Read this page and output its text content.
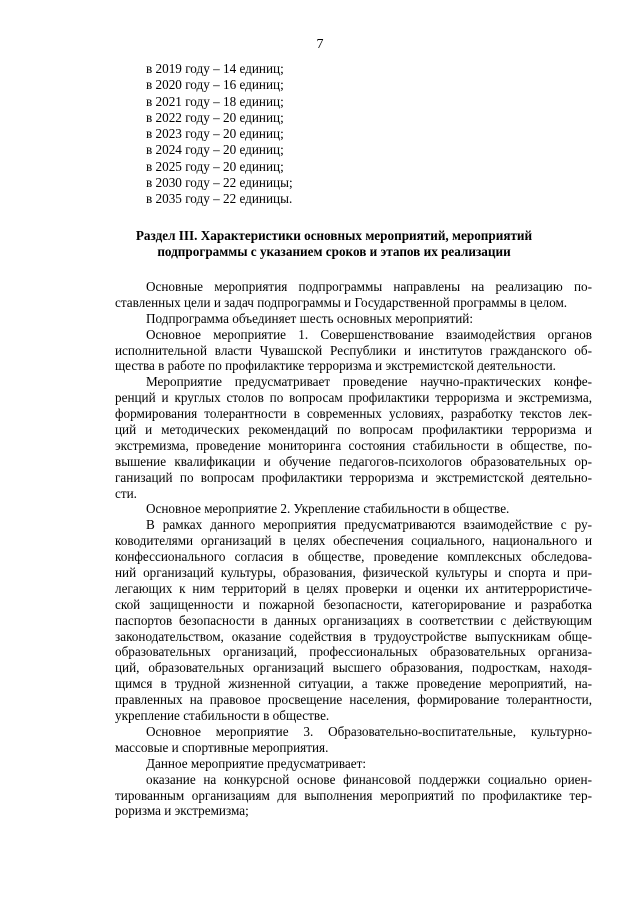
7
в 2019 году – 14 единиц;
в 2020 году – 16 единиц;
в 2021 году – 18 единиц;
в 2022 году – 20 единиц;
в 2023 году – 20 единиц;
в 2024 году – 20 единиц;
в 2025 году – 20 единиц;
в 2030 году – 22 единицы;
в 2035 году – 22 единицы.
Раздел III. Характеристики основных мероприятий, мероприятий
подпрограммы с указанием сроков и этапов их реализации

Основные мероприятия подпрограммы направлены на реализацию по-
ставленных цели и задач подпрограммы и Государственной программы в целом.

Подпрограмма объединяет шесть основных мероприятий:

Основное мероприятие 1. Совершенствование взаимодействия органов
исполнительной власти Чувашской Республики и институтов гражданского об-
щества в работе по профилактике терроризма и экстремистской деятельности.

Мероприятие предусматривает проведение научно-практических конфе-
ренций и круглых столов по вопросам профилактики терроризма и экстремизма,
формирования толерантности в современных условиях, разработку текстов лек-
ций и методических рекомендаций по вопросам профилактики терроризма и
экстремизма, проведение мониторинга состояния стабильности в обществе, по-
вышение квалификации и обучение педагогов-психологов образовательных ор-
ганизаций по вопросам профилактики терроризма и экстремистской деятельно-
сти.

Основное мероприятие 2. Укрепление стабильности в обществе.

В рамках данного мероприятия предусматриваются взаимодействие с ру-
ководителями организаций в целях обеспечения социального, национального и
конфессионального согласия в обществе, проведение комплексных обследова-
ний организаций культуры, образования, физической культуры и спорта и при-
легающих к ним территорий в целях проверки и оценки их антитеррористиче-
ской защищенности и пожарной безопасности, категорирование и разработка
паспортов безопасности в данных организациях в соответствии с действующим
законодательством, оказание содействия в трудоустройстве выпускникам обще-
образовательных организаций, профессиональных образовательных организа-
ций, образовательных организаций высшего образования, подросткам, находя-
щимся в трудной жизненной ситуации, а также проведение мероприятий, на-
правленных на правовое просвещение населения, формирование толерантности,
укрепление стабильности в обществе.

Основное мероприятие 3. Образовательно-воспитательные, культурно-
массовые и спортивные мероприятия.

Данное мероприятие предусматривает:

оказание на конкурсной основе финансовой поддержки социально ориен-
тированным организациям для выполнения мероприятий по профилактике тер-
роризма и экстремизма;
